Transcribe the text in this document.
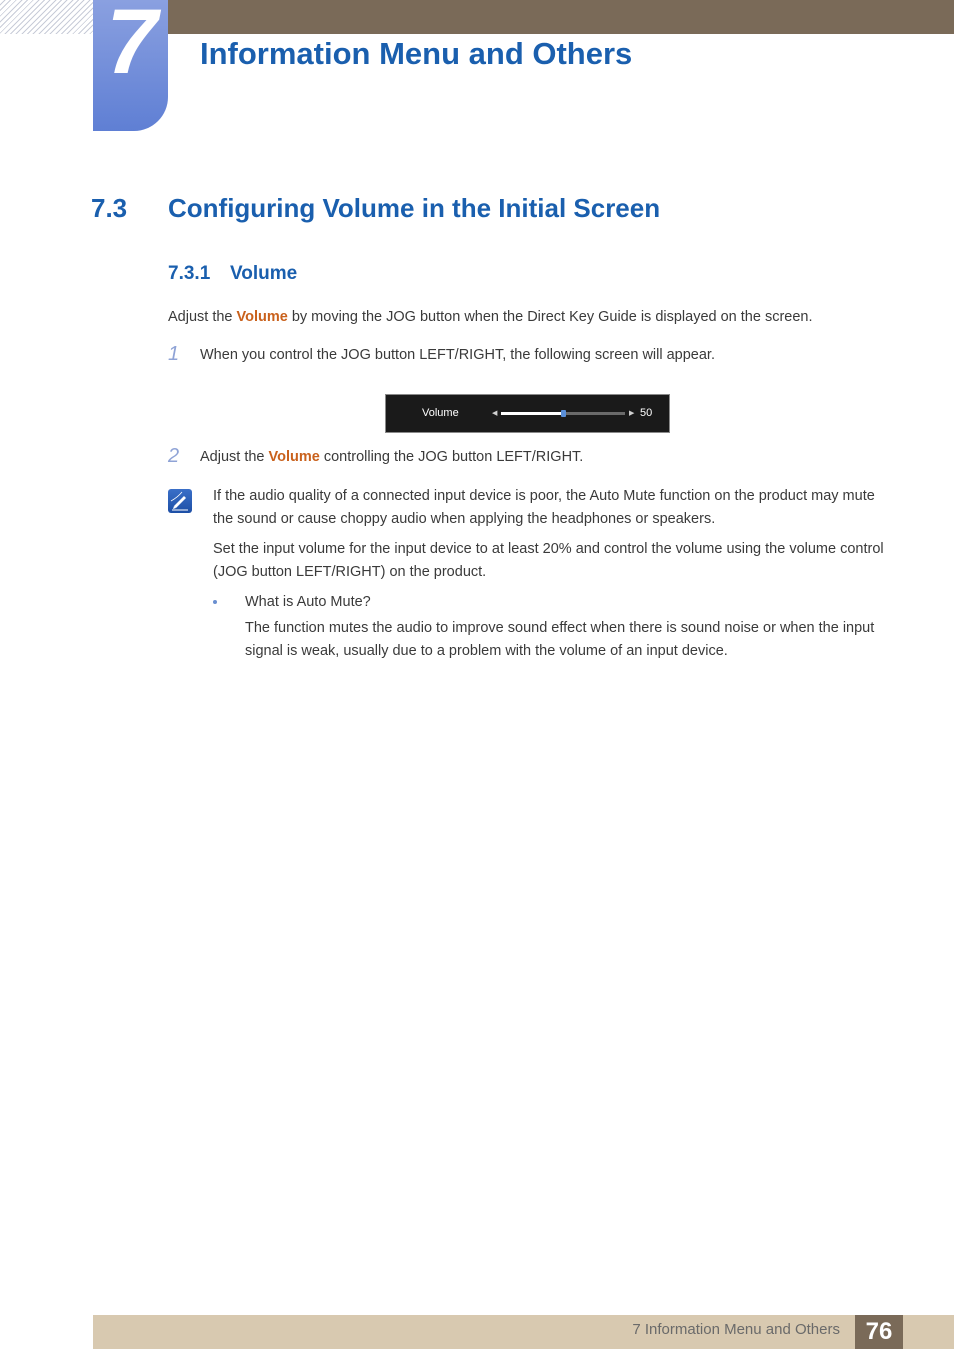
7 Information Menu and Others
7.3 Configuring Volume in the Initial Screen
7.3.1 Volume

Adjust the Volume by moving the JOG button when the Direct Key Guide is displayed on the screen.

1 When you control the JOG button LEFT/RIGHT, the following screen will appear.

Volume	◀	▶ 50
2 Adjust the Volume controlling the JOG button LEFT/RIGHT.

If the audio quality of a connected input device is poor, the Auto Mute function on the product may mute the sound or cause choppy audio when applying the headphones or speakers.

Set the input volume for the input device to at least 20% and control the volume using the volume control (JOG button LEFT/RIGHT) on the product.

What is Auto Mute?

The function mutes the audio to improve sound effect when there is sound noise or when the input signal is weak, usually due to a problem with the volume of an input device.

7 Information Menu and Others	76
